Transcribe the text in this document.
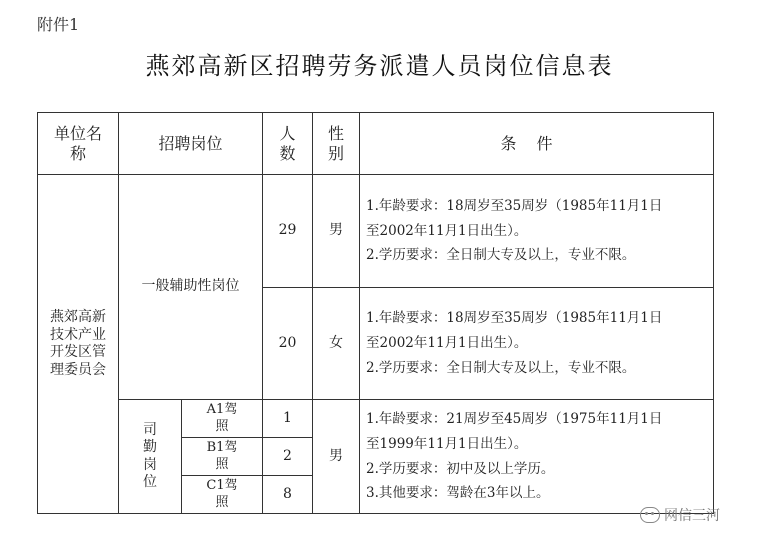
附件1
燕郊高新区招聘劳务派遣人员岗位信息表
单位名称	招聘岗位		人数	性别	条件
燕郊高新技术产业开发区管理委员会	一般辅助性岗位		29	男	1.年龄要求：18周岁至35周岁（1985年11月1日
至2002年11月1日出生）。
2.学历要求：全日制大专及以上，专业不限。

			20	女	1.年龄要求：18周岁至35周岁（1985年11月1日
至2002年11月1日出生）。
2.学历要求：全日制大专及以上，专业不限。

	司勤岗位	A1驾照	1	男	1.年龄要求：21周岁至45周岁（1975年11月1日
至1999年11月1日出生）。
2.学历要求：初中及以上学历。
3.其他要求：驾龄在3年以上。

		B1驾照	2		
		C1驾照	8		
网信三河
